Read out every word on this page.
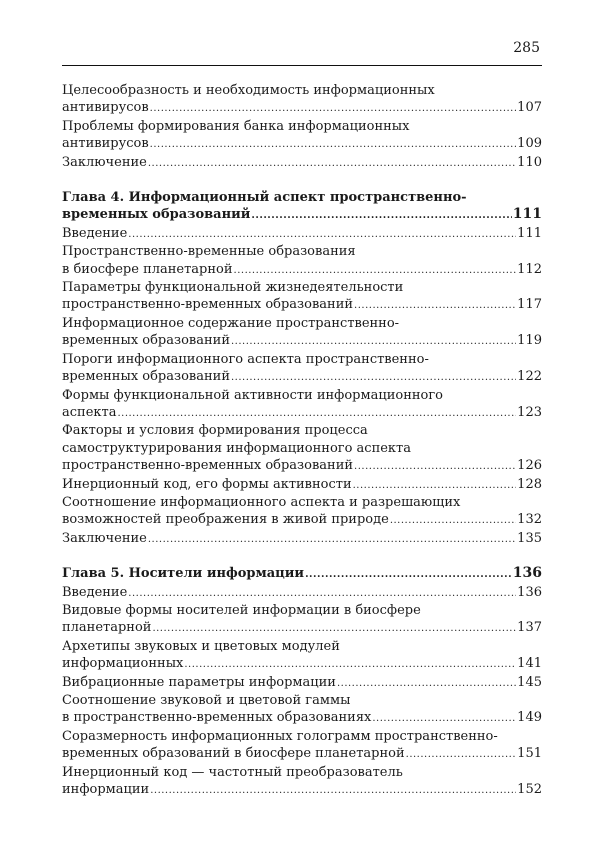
285
Целесообразность и необходимость информационных
антивирусов .....	107
Проблемы формирования банка информационных
антивирусов .....	109
Заключение .....	110
Глава 4. Информационный аспект пространственно-
временных образований .....	111
Введение .....	111
Пространственно-временные образования
в биосфере планетарной .....	112
Параметры функциональной жизнедеятельности
пространственно-временных образований .....	117
Информационное содержание пространственно-
временных образований .....	119
Пороги информационного аспекта пространственно-
временных образований .....	122
Формы функциональной активности информационного
аспекта .....	123
Факторы и условия формирования процесса
самоструктурирования информационного аспекта
пространственно-временных образований .....	126
Инерционный код, его формы активности .....	128
Соотношение информационного аспекта и разрешающих
возможностей преображения в живой природе .....	132
Заключение .....	135
Глава 5. Носители информации .....	136
Введение .....	136
Видовые формы носителей информации в биосфере
планетарной .....	137
Архетипы звуковых и цветовых модулей
информационных .....	141
Вибрационные параметры информации .....	145
Соотношение звуковой и цветовой гаммы
в пространственно-временных образованиях .....	149
Соразмерность информационных голограмм пространственно-
временных образований в биосфере планетарной .....	151
Инерционный код — частотный преобразователь
информации .....	152
